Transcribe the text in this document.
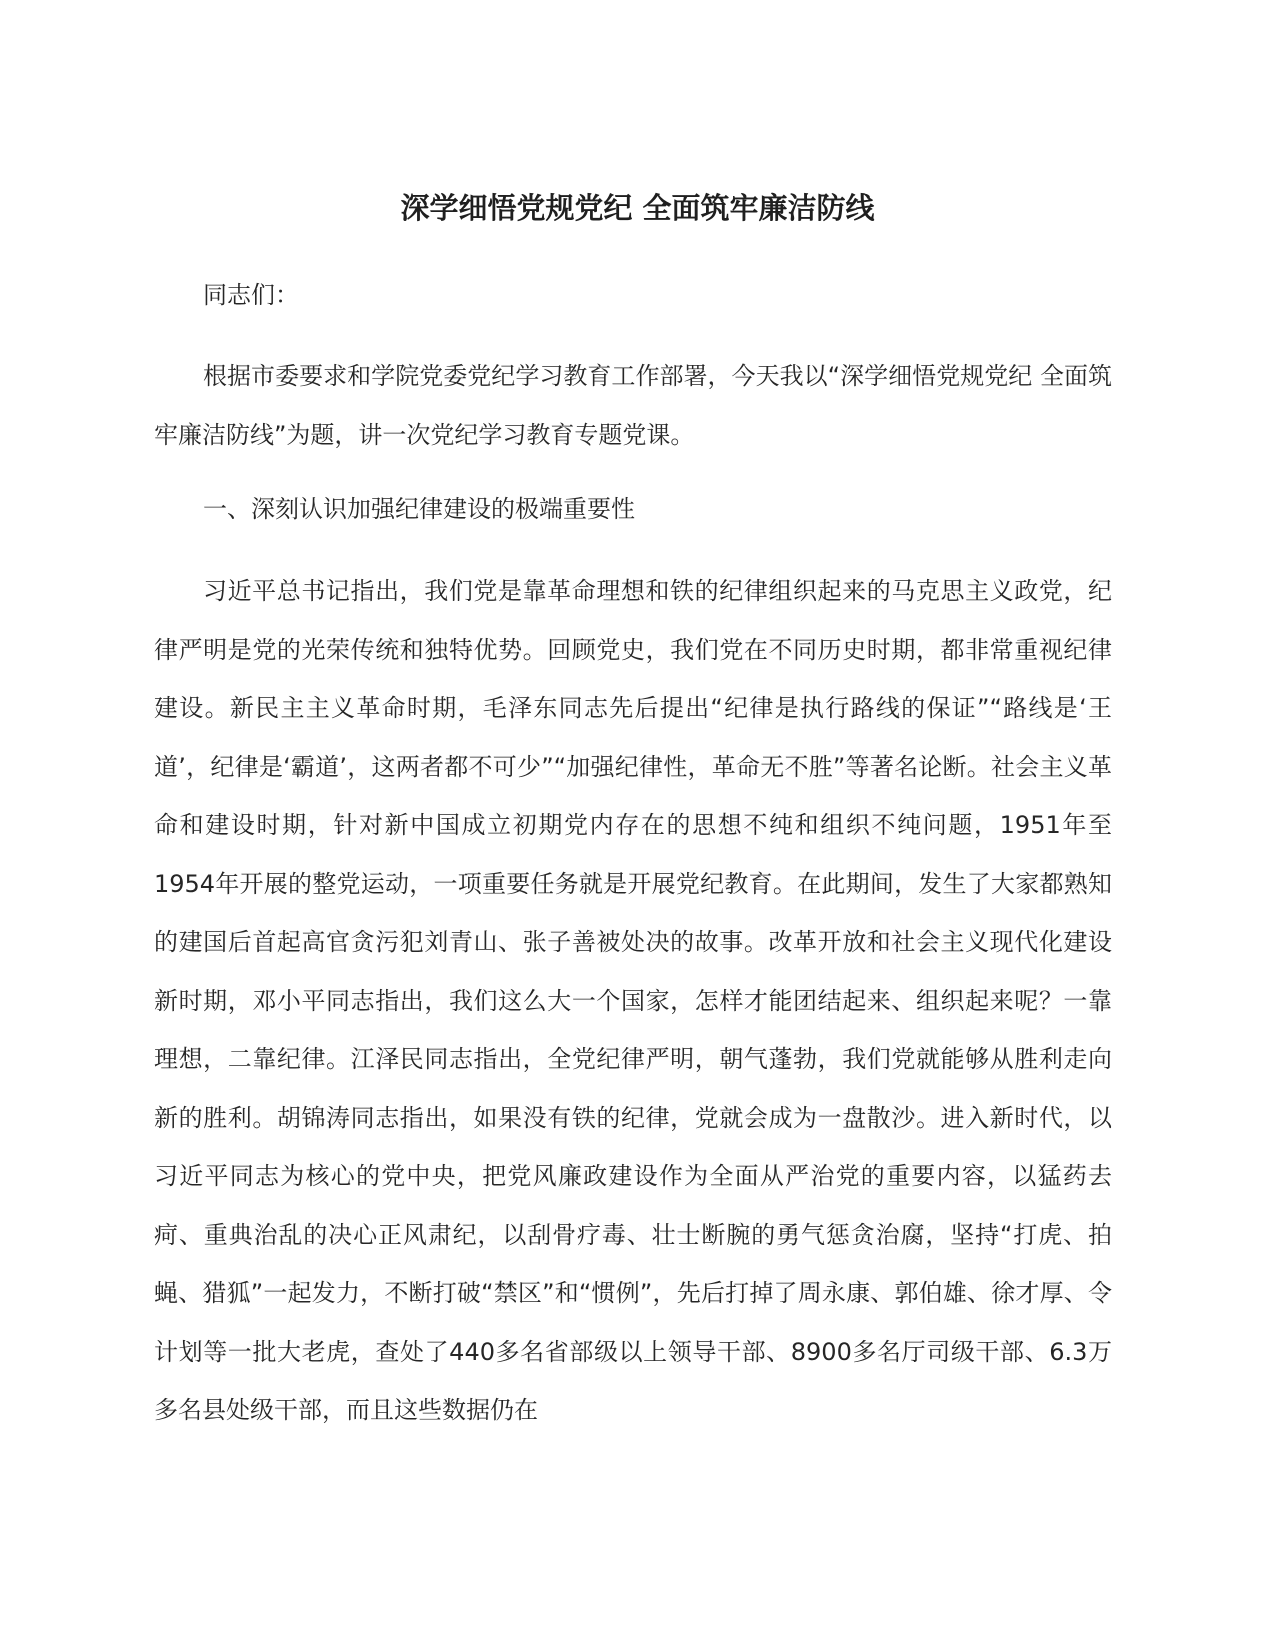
深学细悟党规党纪 全面筑牢廉洁防线
同志们：
根据市委要求和学院党委党纪学习教育工作部署，今天我以“深学细悟党规党纪 全面筑牢廉洁防线”为题，讲一次党纪学习教育专题党课。
一、深刻认识加强纪律建设的极端重要性
习近平总书记指出，我们党是靠革命理想和铁的纪律组织起来的马克思主义政党，纪律严明是党的光荣传统和独特优势。回顾党史，我们党在不同历史时期，都非常重视纪律建设。新民主主义革命时期，毛泽东同志先后提出“纪律是执行路线的保证”“路线是‘王道’，纪律是‘霸道’，这两者都不可少”“加强纪律性，革命无不胜”等著名论断。社会主义革命和建设时期，针对新中国成立初期党内存在的思想不纯和组织不纯问题，1951年至1954年开展的整党运动，一项重要任务就是开展党纪教育。在此期间，发生了大家都熟知的建国后首起高官贪污犯刘青山、张子善被处决的故事。改革开放和社会主义现代化建设新时期，邓小平同志指出，我们这么大一个国家，怎样才能团结起来、组织起来呢？一靠理想，二靠纪律。江泽民同志指出，全党纪律严明，朝气蓬勃，我们党就能够从胜利走向新的胜利。胡锦涛同志指出，如果没有铁的纪律，党就会成为一盘散沙。进入新时代，以习近平同志为核心的党中央，把党风廉政建设作为全面从严治党的重要内容，以猛药去疴、重典治乱的决心正风肃纪，以刮骨疗毒、壮士断腕的勇气惩贪治腐，坚持“打虎、拍蝇、猎狐”一起发力，不断打破“禁区”和“惯例”，先后打掉了周永康、郭伯雄、徐才厚、令计划等一批大老虎，查处了440多名省部级以上领导干部、8900多名厅司级干部、6.3万多名县处级干部，而且这些数据仍在
